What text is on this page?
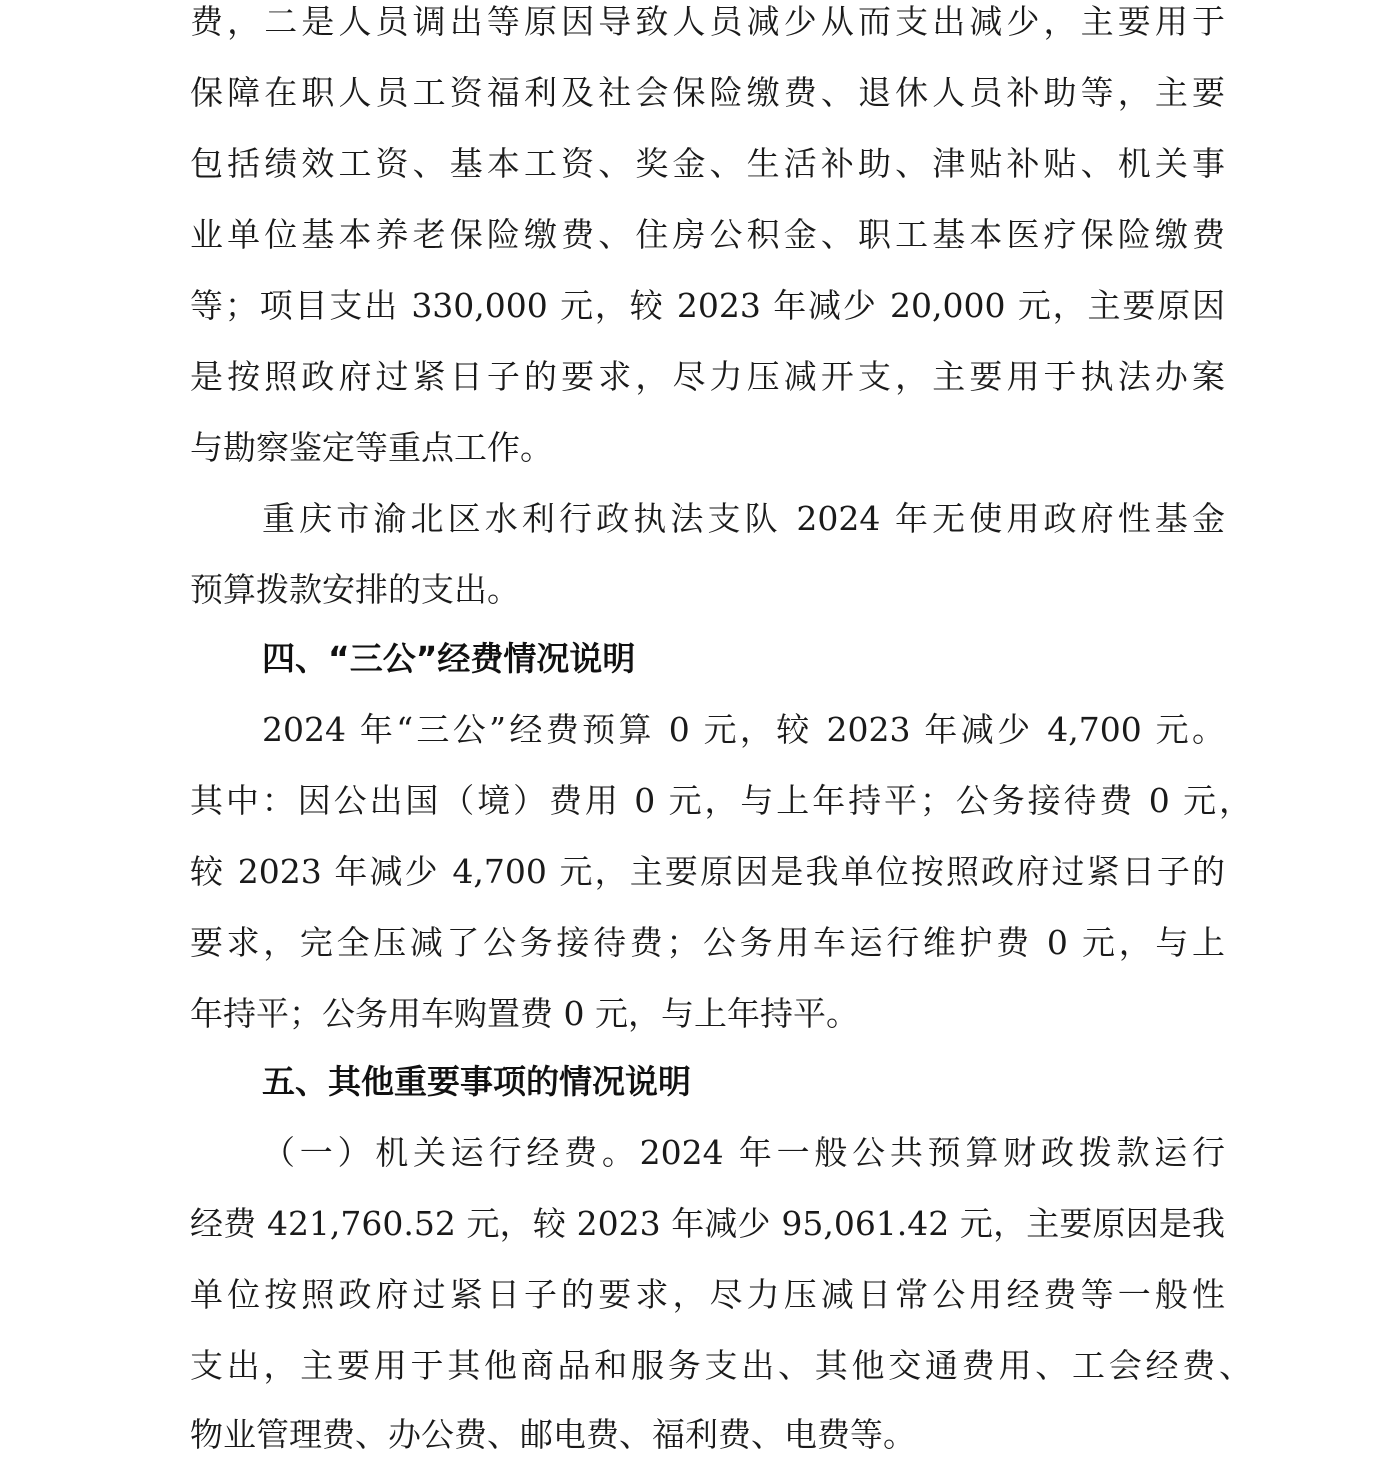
费，二是人员调出等原因导致人员减少从而支出减少，主要用于
保障在职人员工资福利及社会保险缴费、退休人员补助等，主要
包括绩效工资、基本工资、奖金、生活补助、津贴补贴、机关事
业单位基本养老保险缴费、住房公积金、职工基本医疗保险缴费
等；项目支出 330,000 元，较 2023 年减少 20,000 元，主要原因
是按照政府过紧日子的要求，尽力压减开支，主要用于执法办案
与勘察鉴定等重点工作。
重庆市渝北区水利行政执法支队 2024 年无使用政府性基金
预算拨款安排的支出。
四、“三公”经费情况说明
2024 年“三公”经费预算 0 元，较 2023 年减少 4,700 元。
其中：因公出国（境）费用 0 元，与上年持平；公务接待费 0 元，
较 2023 年减少 4,700 元，主要原因是我单位按照政府过紧日子的
要求，完全压减了公务接待费；公务用车运行维护费 0 元，与上
年持平；公务用车购置费 0 元，与上年持平。
五、其他重要事项的情况说明
（一）机关运行经费。2024 年一般公共预算财政拨款运行
经费 421,760.52 元，较 2023 年减少 95,061.42 元，主要原因是我
单位按照政府过紧日子的要求，尽力压减日常公用经费等一般性
支出，主要用于其他商品和服务支出、其他交通费用、工会经费、
物业管理费、办公费、邮电费、福利费、电费等。
